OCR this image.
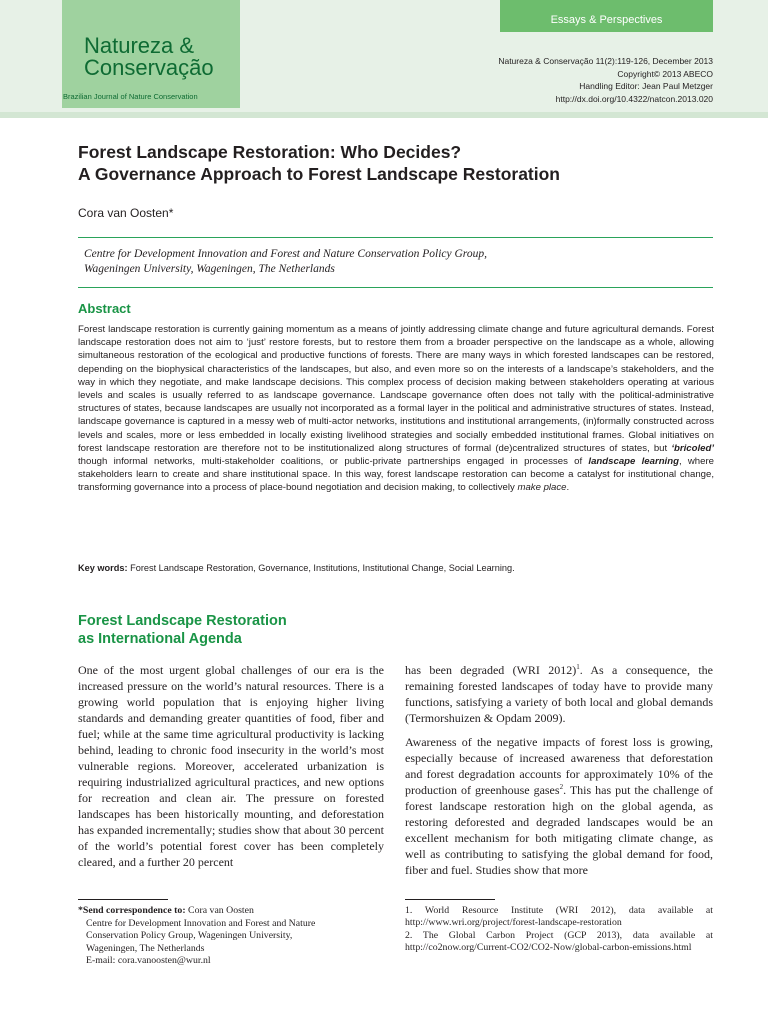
Natureza &
Conservação
Brazilian Journal of Nature Conservation
Essays & Perspectives
Natureza & Conservação 11(2):119-126, December 2013
Copyright© 2013 ABECO
Handling Editor: Jean Paul Metzger
http://dx.doi.org/10.4322/natcon.2013.020
Forest Landscape Restoration: Who Decides?
A Governance Approach to Forest Landscape Restoration
Cora van Oosten*
Centre for Development Innovation and Forest and Nature Conservation Policy Group,
Wageningen University, Wageningen, The Netherlands
Abstract
Forest landscape restoration is currently gaining momentum as a means of jointly addressing climate change and future agricultural demands. Forest landscape restoration does not aim to ‘just’ restore forests, but to restore them from a broader perspective on the landscape as a whole, allowing simultaneous restoration of the ecological and productive functions of forests. There are many ways in which forested landscapes can be restored, depending on the biophysical characteristics of the landscapes, but also, and even more so on the interests of a landscape’s stakeholders, and the way in which they negotiate, and make landscape decisions. This complex process of decision making between stakeholders operating at various levels and scales is usually referred to as landscape governance. Landscape governance often does not tally with the political-administrative structures of states, because landscapes are usually not incorporated as a formal layer in the political and administrative structures of states. Instead, landscape governance is captured in a messy web of multi-actor networks, institutions and institutional arrangements, (in)formally constructed across levels and scales, more or less embedded in locally existing livelihood strategies and socially embedded institutional frames. Global initiatives on forest landscape restoration are therefore not to be institutionalized along structures of formal (de)centralized structures of states, but ‘bricoled’ though informal networks, multi-stakeholder coalitions, or public-private partnerships engaged in processes of landscape learning, where stakeholders learn to create and share institutional space. In this way, forest landscape restoration can become a catalyst for institutional change, transforming governance into a process of place-bound negotiation and decision making, to collectively make place.
Key words: Forest Landscape Restoration, Governance, Institutions, Institutional Change, Social Learning.
Forest Landscape Restoration
as International Agenda

One of the most urgent global challenges of our era is the increased pressure on the world’s natural resources. There is a growing world population that is enjoying higher living standards and demanding greater quantities of food, fiber and fuel; while at the same time agricultural productivity is lacking behind, leading to chronic food insecurity in the world’s most vulnerable regions. Moreover, accelerated urbanization is requiring industrialized agricultural practices, and new options for recreation and clean air. The pressure on forested landscapes has been historically mounting, and deforestation has expanded incrementally; studies show that about 30 percent of the world’s potential forest cover has been completely cleared, and a further 20 percent

has been degraded (WRI 2012)$^1$. As a consequence, the remaining forested landscapes of today have to provide many functions, satisfying a variety of both local and global demands (Termorshuizen & Opdam 2009).

Awareness of the negative impacts of forest loss is growing, especially because of increased awareness that deforestation and forest degradation accounts for approximately 10% of the production of greenhouse gases$^2$. This has put the challenge of forest landscape restoration high on the global agenda, as restoring deforested and degraded landscapes would be an excellent mechanism for both mitigating climate change, as well as contributing to satisfying the global demand for food, fiber and fuel. Studies show that more

*Send correspondence to: Cora van Oosten
Centre for Development Innovation and Forest and Nature
Conservation Policy Group, Wageningen University,
Wageningen, The Netherlands
E-mail: cora.vanoosten@wur.nl
1. World Resource Institute (WRI 2012), data available at http://www.wri.org/project/forest-landscape-restoration
2. The Global Carbon Project (GCP 2013), data available at http://co2now.org/Current-CO2/CO2-Now/global-carbon-emissions.html
